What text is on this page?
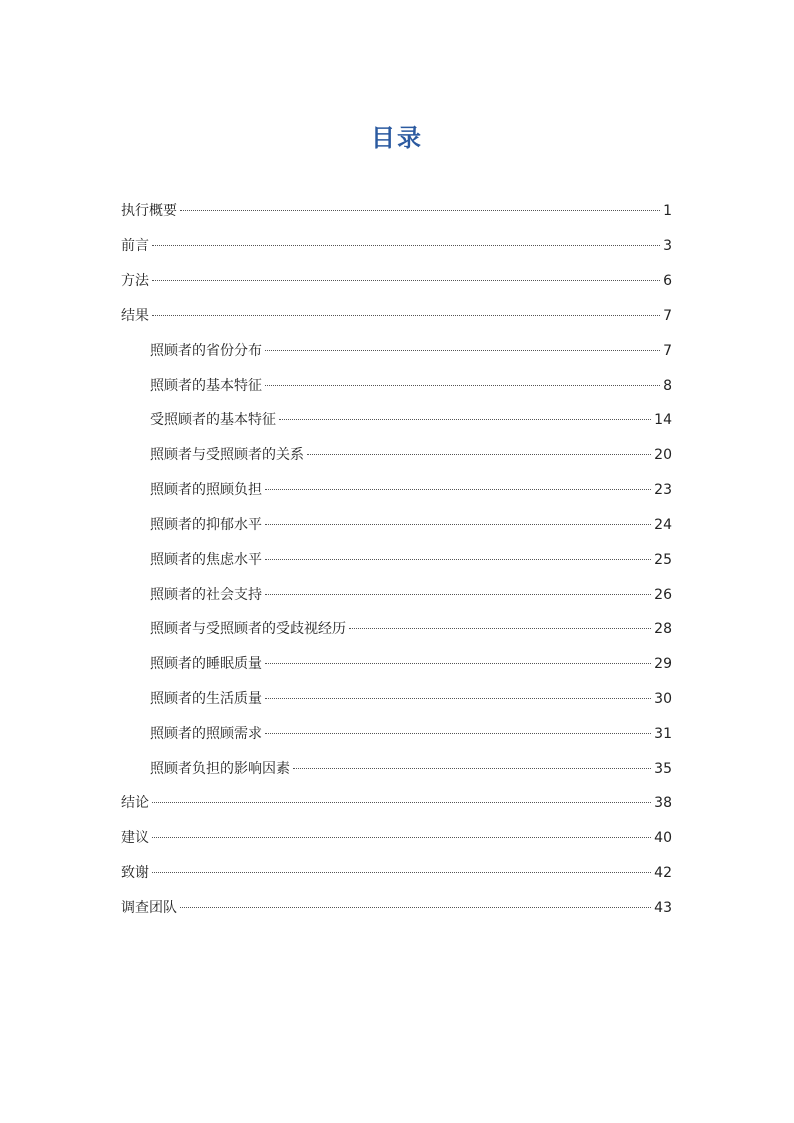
目录
执行概要	1
前言	3
方法	6
结果	7
照顾者的省份分布	7
照顾者的基本特征	8
受照顾者的基本特征	14
照顾者与受照顾者的关系	20
照顾者的照顾负担	23
照顾者的抑郁水平	24
照顾者的焦虑水平	25
照顾者的社会支持	26
照顾者与受照顾者的受歧视经历	28
照顾者的睡眠质量	29
照顾者的生活质量	30
照顾者的照顾需求	31
照顾者负担的影响因素	35
结论	38
建议	40
致谢	42
调查团队	43
